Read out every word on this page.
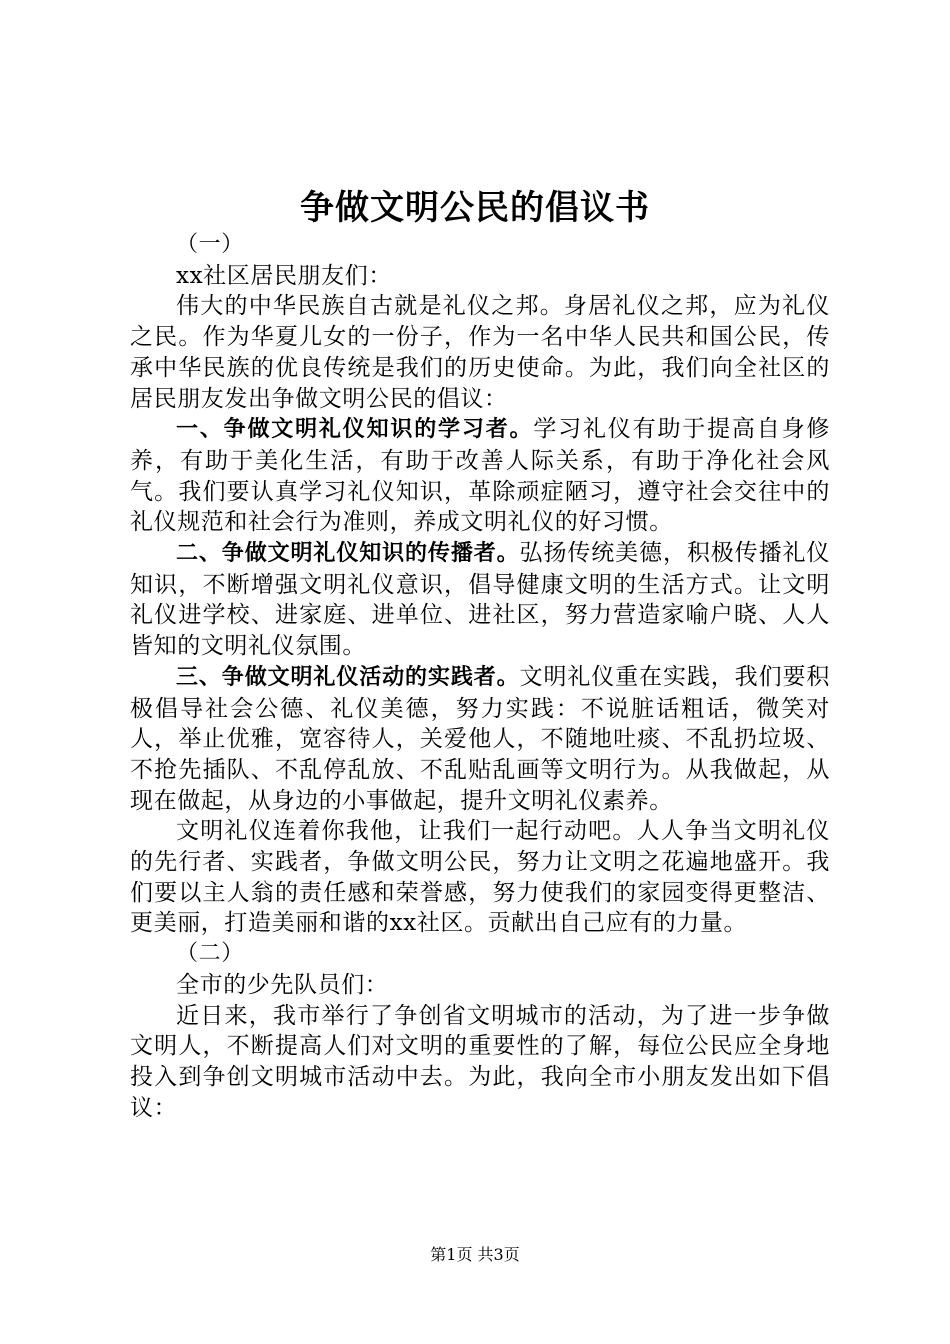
争做文明公民的倡议书

（一）

xx社区居民朋友们：

伟大的中华民族自古就是礼仪之邦。身居礼仪之邦，应为礼仪之民。作为华夏儿女的一份子，作为一名中华人民共和国公民，传承中华民族的优良传统是我们的历史使命。为此，我们向全社区的居民朋友发出争做文明公民的倡议：

一、争做文明礼仪知识的学习者。学习礼仪有助于提高自身修养，有助于美化生活，有助于改善人际关系，有助于净化社会风气。我们要认真学习礼仪知识，革除顽症陋习，遵守社会交往中的礼仪规范和社会行为准则，养成文明礼仪的好习惯。

二、争做文明礼仪知识的传播者。弘扬传统美德，积极传播礼仪知识，不断增强文明礼仪意识，倡导健康文明的生活方式。让文明礼仪进学校、进家庭、进单位、进社区，努力营造家喻户晓、人人皆知的文明礼仪氛围。

三、争做文明礼仪活动的实践者。文明礼仪重在实践，我们要积极倡导社会公德、礼仪美德，努力实践：不说脏话粗话，微笑对人，举止优雅，宽容待人，关爱他人，不随地吐痰、不乱扔垃圾、不抢先插队、不乱停乱放、不乱贴乱画等文明行为。从我做起，从现在做起，从身边的小事做起，提升文明礼仪素养。

文明礼仪连着你我他，让我们一起行动吧。人人争当文明礼仪的先行者、实践者，争做文明公民，努力让文明之花遍地盛开。我们要以主人翁的责任感和荣誉感，努力使我们的家园变得更整洁、更美丽，打造美丽和谐的xx社区。贡献出自己应有的力量。

（二）

全市的少先队员们：

近日来，我市举行了争创省文明城市的活动，为了进一步争做文明人，不断提高人们对文明的重要性的了解，每位公民应全身地投入到争创文明城市活动中去。为此，我向全市小朋友发出如下倡议：

第1页 共3页
